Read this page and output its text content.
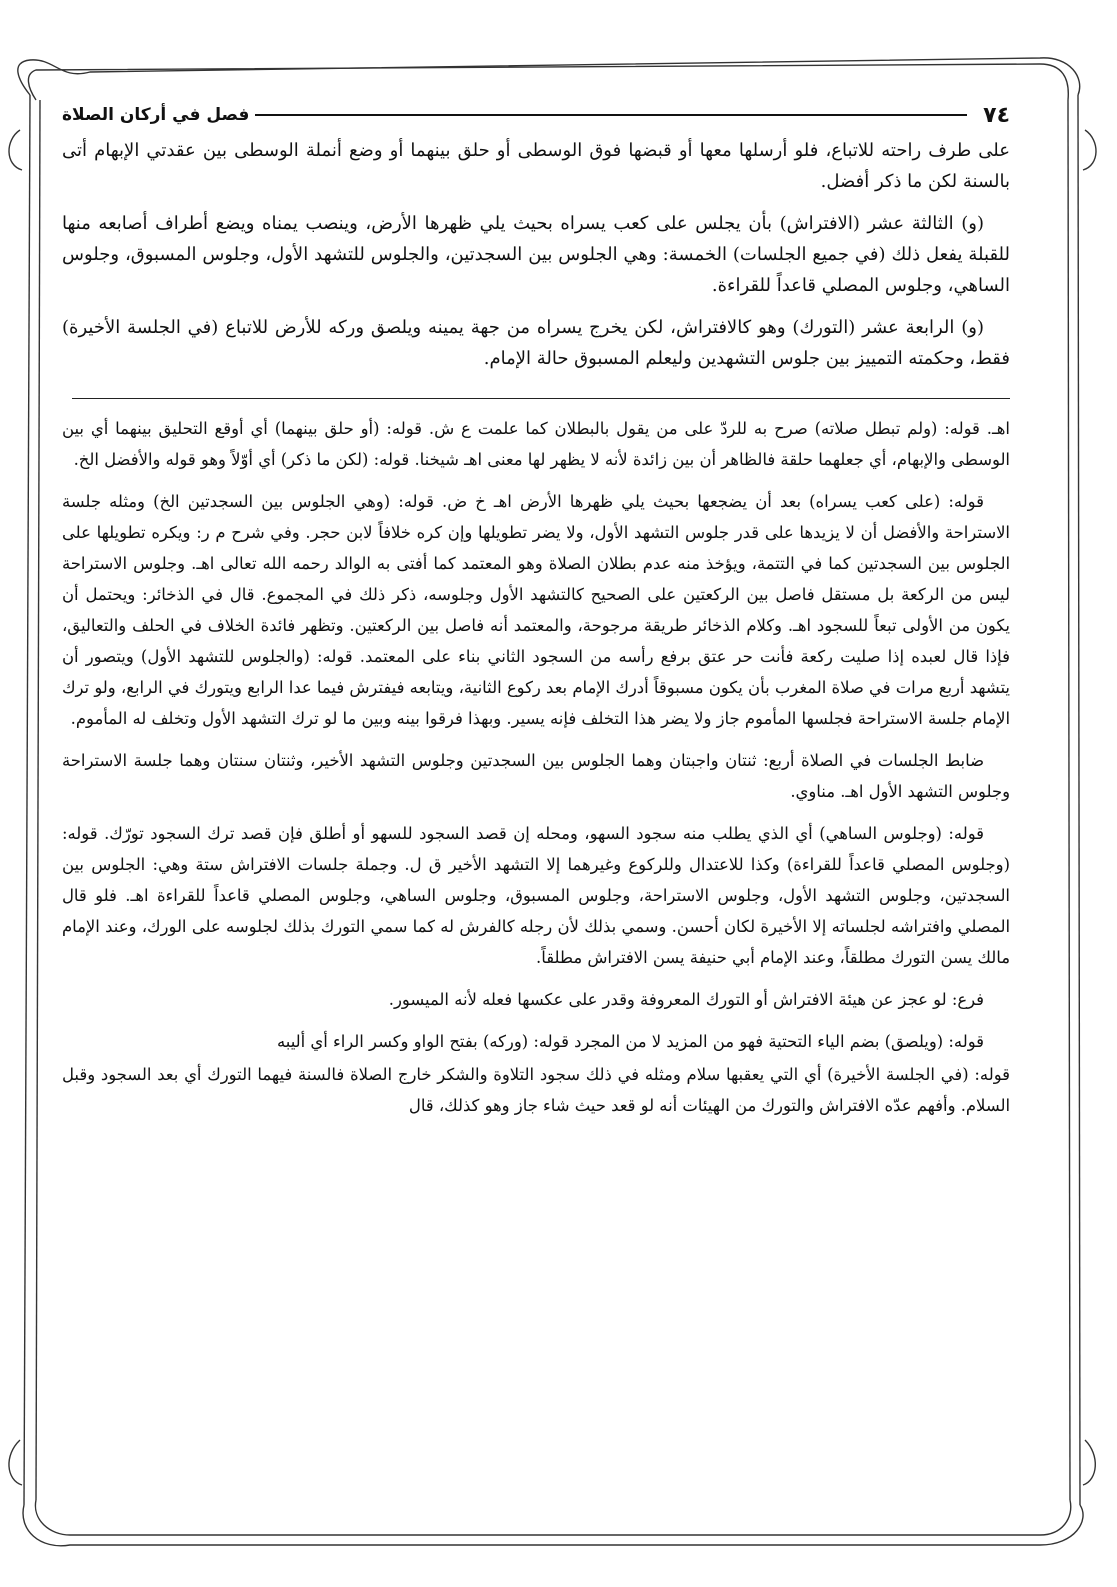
٧٤
فصل في أركان الصلاة

على طرف راحته للاتباع، فلو أرسلها معها أو قبضها فوق الوسطى أو حلق بينهما أو وضع أنملة الوسطى بين عقدتي الإبهام أتى بالسنة لكن ما ذكر أفضل.

(و) الثالثة عشر (الافتراش) بأن يجلس على كعب يسراه بحيث يلي ظهرها الأرض، وينصب يمناه ويضع أطراف أصابعه منها للقبلة يفعل ذلك (في جميع الجلسات) الخمسة: وهي الجلوس بين السجدتين، والجلوس للتشهد الأول، وجلوس المسبوق، وجلوس الساهي، وجلوس المصلي قاعداً للقراءة.

(و) الرابعة عشر (التورك) وهو كالافتراش، لكن يخرج يسراه من جهة يمينه ويلصق وركه للأرض للاتباع (في الجلسة الأخيرة) فقط، وحكمته التمييز بين جلوس التشهدين وليعلم المسبوق حالة الإمام.

اهـ. قوله: (ولم تبطل صلاته) صرح به للردّ على من يقول بالبطلان كما علمت ع ش. قوله: (أو حلق بينهما) أي أوقع التحليق بينهما أي بين الوسطى والإبهام، أي جعلهما حلقة فالظاهر أن بين زائدة لأنه لا يظهر لها معنى اهـ شيخنا. قوله: (لكن ما ذكر) أي أوّلاً وهو قوله والأفضل الخ.

قوله: (على كعب يسراه) بعد أن يضجعها بحيث يلي ظهرها الأرض اهـ خ ض. قوله: (وهي الجلوس بين السجدتين الخ) ومثله جلسة الاستراحة والأفضل أن لا يزيدها على قدر جلوس التشهد الأول، ولا يضر تطويلها وإن كره خلافاً لابن حجر. وفي شرح م ر: ويكره تطويلها على الجلوس بين السجدتين كما في التتمة، ويؤخذ منه عدم بطلان الصلاة وهو المعتمد كما أفتى به الوالد رحمه الله تعالى اهـ. وجلوس الاستراحة ليس من الركعة بل مستقل فاصل بين الركعتين على الصحيح كالتشهد الأول وجلوسه، ذكر ذلك في المجموع. قال في الذخائر: ويحتمل أن يكون من الأولى تبعاً للسجود اهـ. وكلام الذخائر طريقة مرجوحة، والمعتمد أنه فاصل بين الركعتين. وتظهر فائدة الخلاف في الحلف والتعاليق، فإذا قال لعبده إذا صليت ركعة فأنت حر عتق برفع رأسه من السجود الثاني بناء على المعتمد. قوله: (والجلوس للتشهد الأول) ويتصور أن يتشهد أربع مرات في صلاة المغرب بأن يكون مسبوقاً أدرك الإمام بعد ركوع الثانية، ويتابعه فيفترش فيما عدا الرابع ويتورك في الرابع، ولو ترك الإمام جلسة الاستراحة فجلسها المأموم جاز ولا يضر هذا التخلف فإنه يسير. وبهذا فرقوا بينه وبين ما لو ترك التشهد الأول وتخلف له المأموم.

ضابط الجلسات في الصلاة أربع: ثنتان واجبتان وهما الجلوس بين السجدتين وجلوس التشهد الأخير، وثنتان سنتان وهما جلسة الاستراحة وجلوس التشهد الأول اهـ. مناوي.

قوله: (وجلوس الساهي) أي الذي يطلب منه سجود السهو، ومحله إن قصد السجود للسهو أو أطلق فإن قصد ترك السجود تورّك. قوله: (وجلوس المصلي قاعداً للقراءة) وكذا للاعتدال وللركوع وغيرهما إلا التشهد الأخير ق ل. وجملة جلسات الافتراش ستة وهي: الجلوس بين السجدتين، وجلوس التشهد الأول، وجلوس الاستراحة، وجلوس المسبوق، وجلوس الساهي، وجلوس المصلي قاعداً للقراءة اهـ. فلو قال المصلي وافتراشه لجلساته إلا الأخيرة لكان أحسن. وسمي بذلك لأن رجله كالفرش له كما سمي التورك بذلك لجلوسه على الورك، وعند الإمام مالك يسن التورك مطلقاً، وعند الإمام أبي حنيفة يسن الافتراش مطلقاً.

فرع: لو عجز عن هيئة الافتراش أو التورك المعروفة وقدر على عكسها فعله لأنه الميسور.

قوله: (ويلصق) بضم الياء التحتية فهو من المزيد لا من المجرد قوله: (وركه) بفتح الواو وكسر الراء أي أليبه

قوله: (في الجلسة الأخيرة) أي التي يعقبها سلام ومثله في ذلك سجود التلاوة والشكر خارج الصلاة فالسنة فيهما التورك أي بعد السجود وقبل السلام. وأفهم عدّه الافتراش والتورك من الهيئات أنه لو قعد حيث شاء جاز وهو كذلك، قال
